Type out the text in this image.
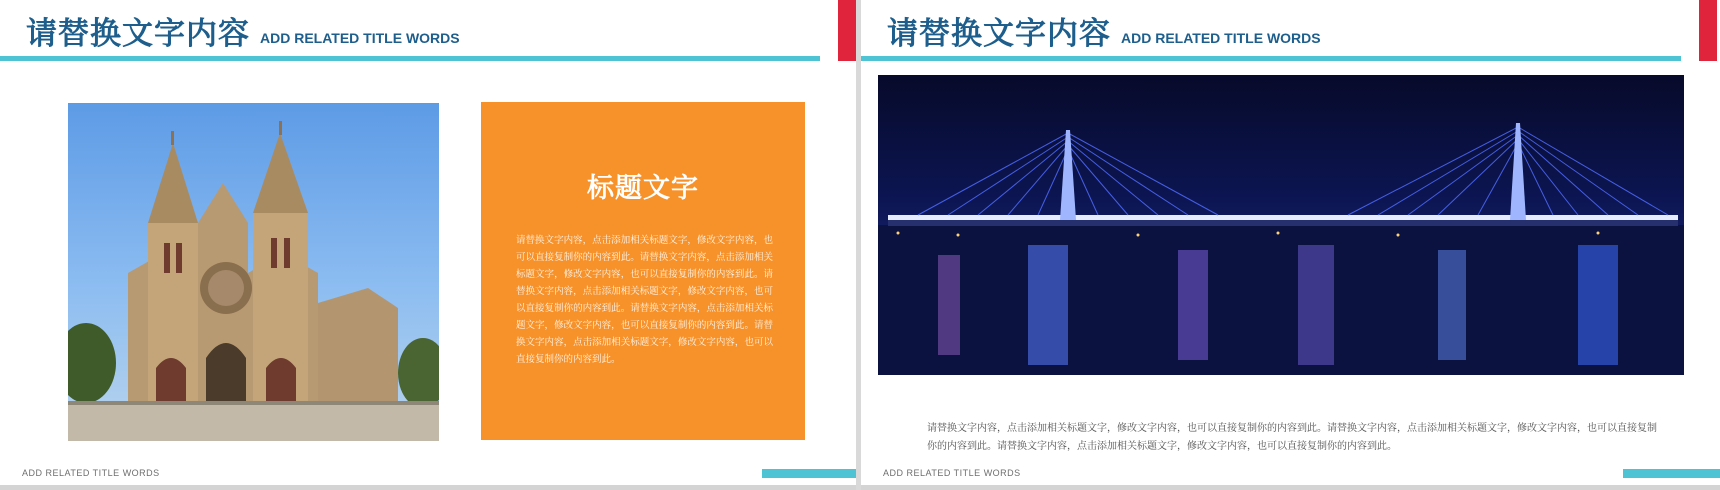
请替换文字内容 ADD RELATED TITLE WORDS
标题文字
请替换文字内容，点击添加相关标题文字，修改文字内容，也可以直接复制你的内容到此。请替换文字内容，点击添加相关标题文字，修改文字内容，也可以直接复制你的内容到此。请替换文字内容，点击添加相关标题文字，修改文字内容，也可以直接复制你的内容到此。请替换文字内容，点击添加相关标题文字，修改文字内容，也可以直接复制你的内容到此。请替换文字内容，点击添加相关标题文字，修改文字内容，也可以直接复制你的内容到此。
ADD RELATED TITLE WORDS
请替换文字内容 ADD RELATED TITLE WORDS
请替换文字内容，点击添加相关标题文字，修改文字内容，也可以直接复制你的内容到此。请替换文字内容，点击添加相关标题文字，修改文字内容，也可以直接复制你的内容到此。请替换文字内容，点击添加相关标题文字，修改文字内容，也可以直接复制你的内容到此。
ADD RELATED TITLE WORDS
